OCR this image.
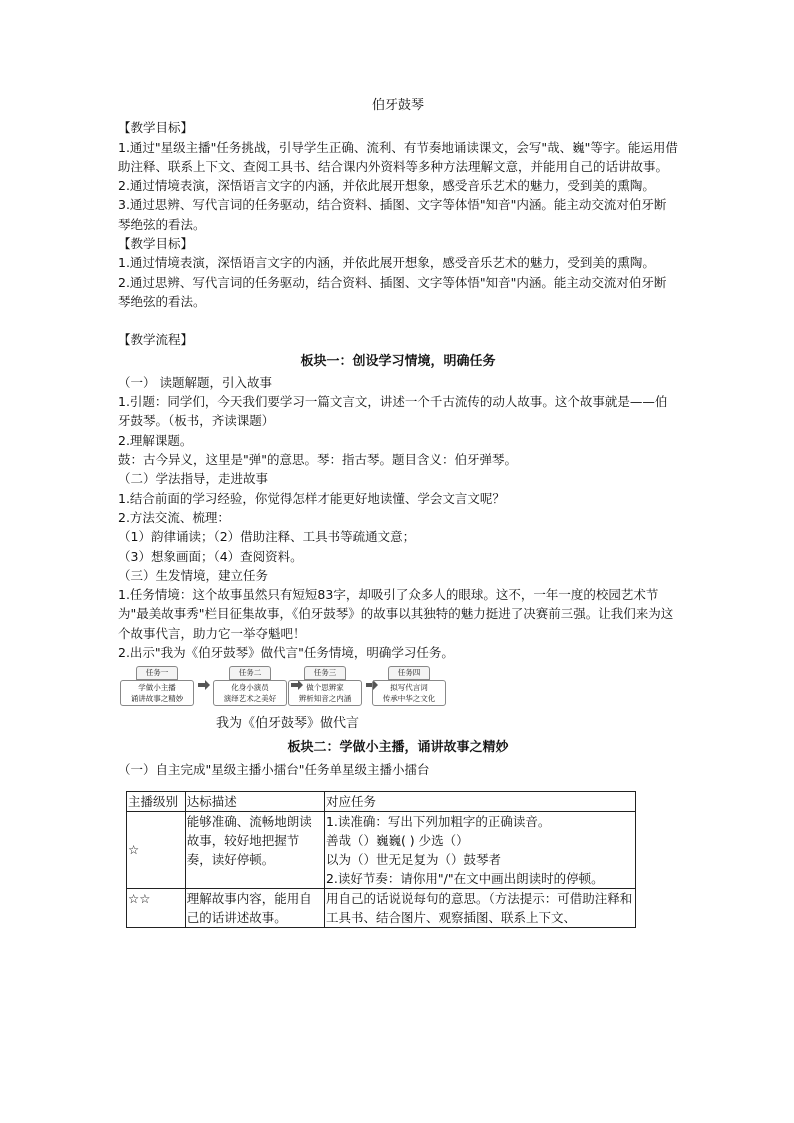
伯牙鼓琴

【教学目标】

1.通过"星级主播"任务挑战，引导学生正确、流利、有节奏地诵读课文，会写"哉、巍"等字。能运用借助注释、联系上下文、查阅工具书、结合课内外资料等多种方法理解文意，并能用自己的话讲故事。

2.通过情境表演，深悟语言文字的内涵，并依此展开想象，感受音乐艺术的魅力，受到美的熏陶。

3.通过思辨、写代言词的任务驱动，结合资料、插图、文字等体悟"知音"内涵。能主动交流对伯牙断琴绝弦的看法。

【教学目标】

1.通过情境表演，深悟语言文字的内涵，并依此展开想象，感受音乐艺术的魅力，受到美的熏陶。

2.通过思辨、写代言词的任务驱动，结合资料、插图、文字等体悟"知音"内涵。能主动交流对伯牙断琴绝弦的看法。

【教学流程】

板块一：创设学习情境，明确任务

（一） 读题解题，引入故事

1.引题：同学们，今天我们要学习一篇文言文，讲述一个千古流传的动人故事。这个故事就是——伯牙鼓琴。（板书，齐读课题）

2.理解课题。

鼓：古今异义，这里是"弹"的意思。琴：指古琴。题目含义：伯牙弹琴。

（二）学法指导，走进故事

1.结合前面的学习经验，你觉得怎样才能更好地读懂、学会文言文呢？

2.方法交流、梳理：

（1）韵律诵读；（2）借助注释、工具书等疏通文意；

（3）想象画面；（4）查阅资料。

（三）生发情境，建立任务

1.任务情境：这个故事虽然只有短短83字，却吸引了众多人的眼球。这不，一年一度的校园艺术节为"最美故事秀"栏目征集故事，《伯牙鼓琴》的故事以其独特的魅力挺进了决赛前三强。让我们来为这个故事代言，助力它一举夺魁吧！

2.出示"我为《伯牙鼓琴》做代言"任务情境，明确学习任务。

任务一
学做小主播
诵讲故事之精妙
任务二
化身小演员
演绎艺术之美好
任务三
做个思辨家
辨析知音之内涵
任务四
拟写代言词
传承中华之文化
我为《伯牙鼓琴》做代言

板块二：学做小主播，诵讲故事之精妙

（一）自主完成"星级主播小擂台"任务单星级主播小擂台

主播级别	达标描述	对应任务
☆	能够准确、流畅地朗读故事，较好地把握节奏，读好停顿。	1.读准确：写出下列加粗字的正确读音。
善哉（）巍巍( ) 少选（）
以为（）世无足复为（）鼓琴者
2.读好节奏：请你用"/"在文中画出朗读时的停顿。

☆☆	理解故事内容，能用自己的话讲述故事。	用自己的话说说每句的意思。（方法提示：可借助注释和工具书、结合图片、观察插图、联系上下文、
